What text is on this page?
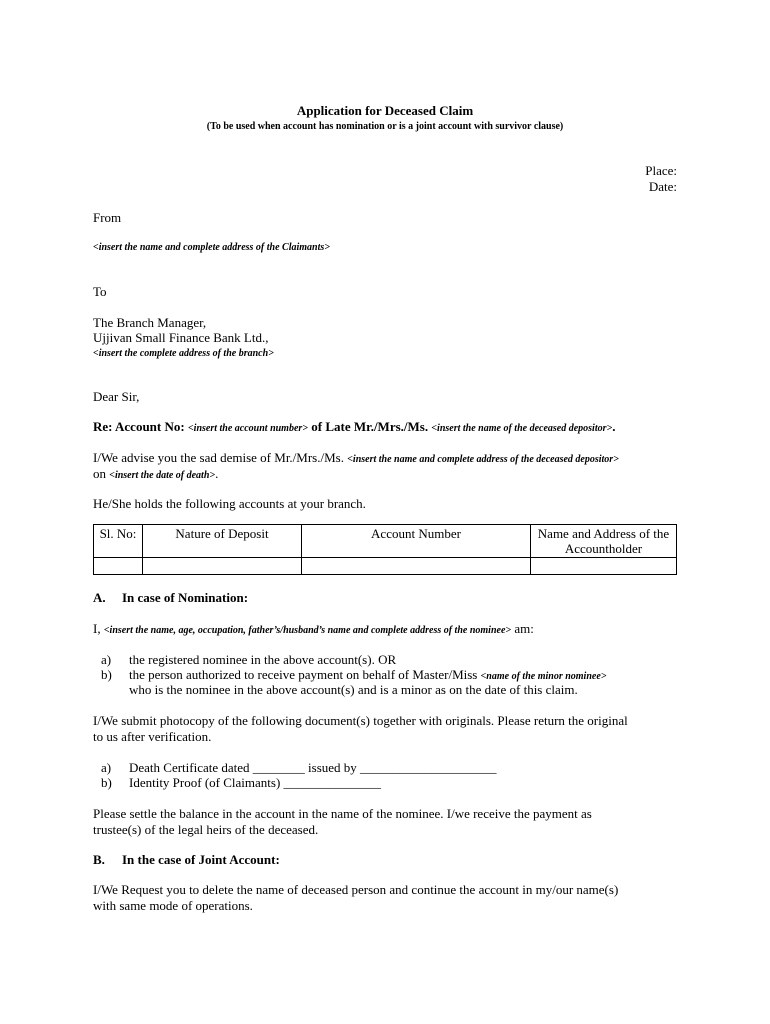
Application for Deceased Claim
(To be used when account has nomination or is a joint account with survivor clause)
Place:
Date:
From
<insert the name and complete address of the Claimants>
To
The Branch Manager,
Ujjivan Small Finance Bank Ltd.,
<insert the complete address of the branch>
Dear Sir,
Re: Account No: <insert the account number> of Late Mr./Mrs./Ms. <insert the name of the deceased depositor>.
I/We advise you the sad demise of Mr./Mrs./Ms. <insert the name and complete address of the deceased depositor>
on <insert the date of death>.
He/She holds the following accounts at your branch.
Sl. No:	Nature of Deposit	Account Number	Name and Address of the Accountholder

A. In case of Nomination:
I, <insert the name, age, occupation, father’s/husband’s name and complete address of the nominee> am:
a) the registered nominee in the above account(s). OR
b) the person authorized to receive payment on behalf of Master/Miss <name of the minor nominee>
who is the nominee in the above account(s) and is a minor as on the date of this claim.
I/We submit photocopy of the following document(s) together with originals. Please return the original
to us after verification.
a) Death Certificate dated ________ issued by _____________________
b) Identity Proof (of Claimants) _______________
Please settle the balance in the account in the name of the nominee. I/we receive the payment as
trustee(s) of the legal heirs of the deceased.
B. In the case of Joint Account:
I/We Request you to delete the name of deceased person and continue the account in my/our name(s)
with same mode of operations.
